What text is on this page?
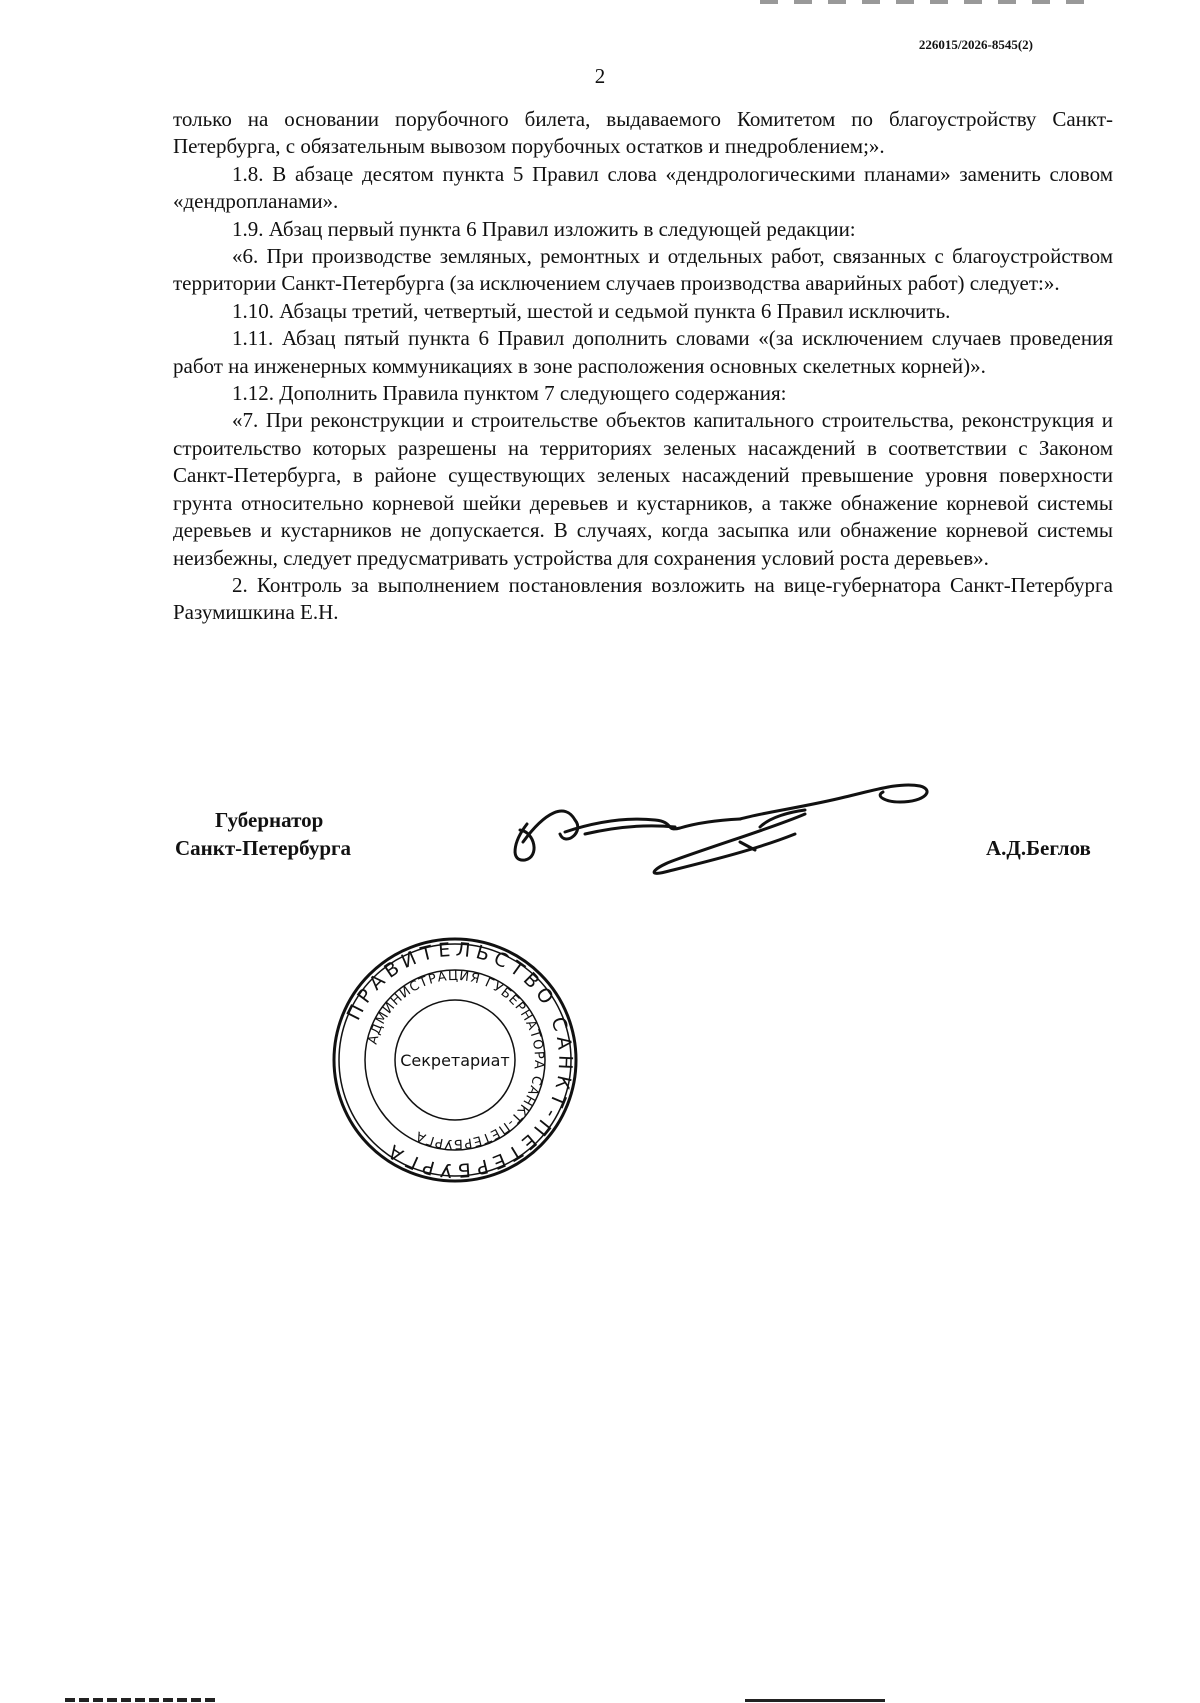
226015/2026-8545(2)
2

только на основании порубочного билета, выдаваемого Комитетом по благоустройству Санкт-Петербурга, с обязательным вывозом порубочных остатков и пнедроблением;».

1.8. В абзаце десятом пункта 5 Правил слова «дендрологическими планами» заменить словом «дендропланами».

1.9. Абзац первый пункта 6 Правил изложить в следующей редакции:

«6. При производстве земляных, ремонтных и отдельных работ, связанных с благоустройством территории Санкт-Петербурга (за исключением случаев производства аварийных работ) следует:».

1.10. Абзацы третий, четвертый, шестой и седьмой пункта 6 Правил исключить.

1.11. Абзац пятый пункта 6 Правил дополнить словами «(за исключением случаев проведения работ на инженерных коммуникациях в зоне расположения основных скелетных корней)».

1.12. Дополнить Правила пунктом 7 следующего содержания:

«7. При реконструкции и строительстве объектов капитального строительства, реконструкция и строительство которых разрешены на территориях зеленых насаждений в соответствии с Законом Санкт-Петербурга, в районе существующих зеленых насаждений превышение уровня поверхности грунта относительно корневой шейки деревьев и кустарников, а также обнажение корневой системы деревьев и кустарников не допускается. В случаях, когда засыпка или обнажение корневой системы неизбежны, следует предусматривать устройства для сохранения условий роста деревьев».

2. Контроль за выполнением постановления возложить на вице-губернатора Санкт-Петербурга Разумишкина Е.Н.

Губернатор
Санкт-Петербурга	А.Д.Беглов
ПРАВИТЕЛЬСТВО САНКТ-ПЕТЕРБУРГА
АДМИНИСТРАЦИЯ ГУБЕРНАТОРА САНКТ-ПЕТЕРБУРГА
Секретариат
